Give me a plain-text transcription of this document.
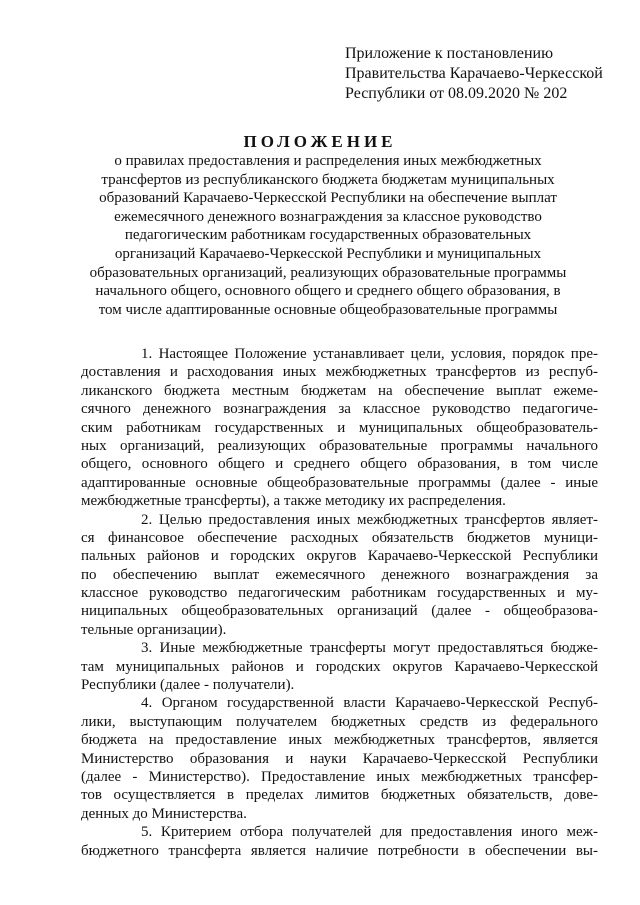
Приложение к постановлению
Правительства Карачаево-Черкесской
Республики от 08.09.2020 № 202
ПОЛОЖЕНИЕ
о правилах предоставления и распределения иных межбюджетных
трансфертов из республиканского бюджета бюджетам муниципальных
образований Карачаево-Черкесской Республики на обеспечение выплат
ежемесячного денежного вознаграждения за классное руководство
педагогическим работникам государственных образовательных
организаций Карачаево-Черкесской Республики и муниципальных
образовательных организаций, реализующих образовательные программы
начального общего, основного общего и среднего общего образования, в
том числе адаптированные основные общеобразовательные программы
1. Настоящее Положение устанавливает цели, условия, порядок пре-
доставления и расходования иных межбюджетных трансфертов из респуб-
ликанского бюджета местным бюджетам на обеспечение выплат ежеме-
сячного денежного вознаграждения за классное руководство педагогиче-
ским работникам государственных и муниципальных общеобразователь-
ных организаций, реализующих образовательные программы начального
общего, основного общего и среднего общего образования, в том числе
адаптированные основные общеобразовательные программы (далее - иные
межбюджетные трансферты), а также методику их распределения.
2. Целью предоставления иных межбюджетных трансфертов являет-
ся финансовое обеспечение расходных обязательств бюджетов муници-
пальных районов и городских округов Карачаево-Черкесской Республики
по обеспечению выплат ежемесячного денежного вознаграждения за
классное руководство педагогическим работникам государственных и му-
ниципальных общеобразовательных организаций (далее - общеобразова-
тельные организации).
3. Иные межбюджетные трансферты могут предоставляться бюдже-
там муниципальных районов и городских округов Карачаево-Черкесской
Республики (далее - получатели).
4. Органом государственной власти Карачаево-Черкесской Респуб-
лики, выступающим получателем бюджетных средств из федерального
бюджета на предоставление иных межбюджетных трансфертов, является
Министерство образования и науки Карачаево-Черкесской Республики
(далее - Министерство). Предоставление иных межбюджетных трансфер-
тов осуществляется в пределах лимитов бюджетных обязательств, дове-
денных до Министерства.
5. Критерием отбора получателей для предоставления иного меж-
бюджетного трансферта является наличие потребности в обеспечении вы-
